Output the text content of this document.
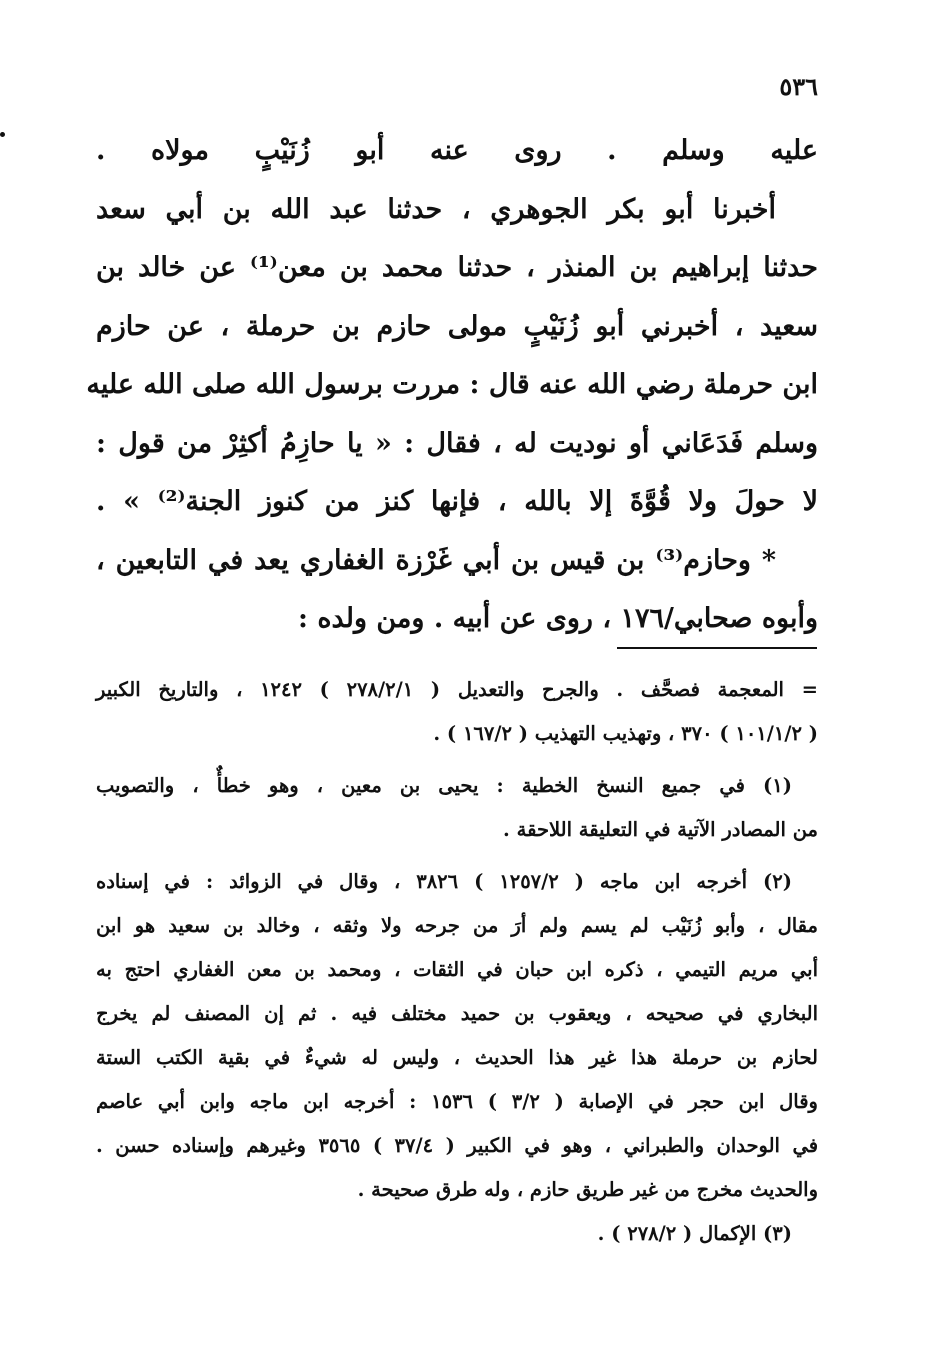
٥٣٦
عليه وسلم . روى عنه أبو زُنَيْبٍ مولاه .
أخبرنا أبو بكر الجوهري ، حدثنا عبد الله بن أبي سعد
حدثنا إبراهيم بن المنذر ، حدثنا محمد بن معن⁽¹⁾ عن خالد بن
سعيد ، أخبرني أبو زُنَيْبٍ مولى حازم بن حرملة ، عن حازم
ابن حرملة رضي الله عنه قال : مررت برسول الله صلى الله عليه
وسلم فَدَعَاني أو نوديت له ، فقال : « يا حازِمُ أكثِرْ من قول :
لا حولَ ولا قُوَّةَ إلا بالله ، فإنها كنز من كنوز الجنة⁽²⁾ » .
* وحازم⁽³⁾ بن قيس بن أبي غَرْزة الغفاري يعد في التابعين ،
وأبوه صحابي/١٧٦ ، روى عن أبيه . ومن ولده :
= المعجمة فصحَّف . والجرح والتعديل ( ٢٧٨/٢/١ ) ١٢٤٢ ، والتاريخ الكبير
( ١٠١/١/٢ ) ٣٧٠ ، وتهذيب التهذيب ( ١٦٧/٢ ) .
(١) في جميع النسخ الخطية : يحيى بن معين ، وهو خطأٌ ، والتصويب
من المصادر الآتية في التعليقة اللاحقة .
(٢) أخرجه ابن ماجه ( ١٢٥٧/٢ ) ٣٨٢٦ ، وقال في الزوائد : في إسناده
مقال ، وأبو زُنَيْب لم يسم ولم أرَ من جرحه ولا وثقه ، وخالد بن سعيد هو ابن
أبي مريم التيمي ، ذكره ابن حبان في الثقات ، ومحمد بن معن الغفاري احتج به
البخاري في صحيحه ، ويعقوب بن حميد مختلف فيه . ثم إن المصنف لم يخرج
لحازم بن حرملة هذا غير هذا الحديث ، وليس له شيءٌ في بقية الكتب الستة
وقال ابن حجر في الإصابة ( ٣/٢ ) ١٥٣٦ : أخرجه ابن ماجه وابن أبي عاصم
في الوحدان والطبراني ، وهو في الكبير ( ٣٧/٤ ) ٣٥٦٥ وغيرهم وإسناده حسن .
والحديث مخرج من غير طريق حازم ، وله طرق صحيحة .
(٣) الإكمال ( ٢٧٨/٢ ) .
